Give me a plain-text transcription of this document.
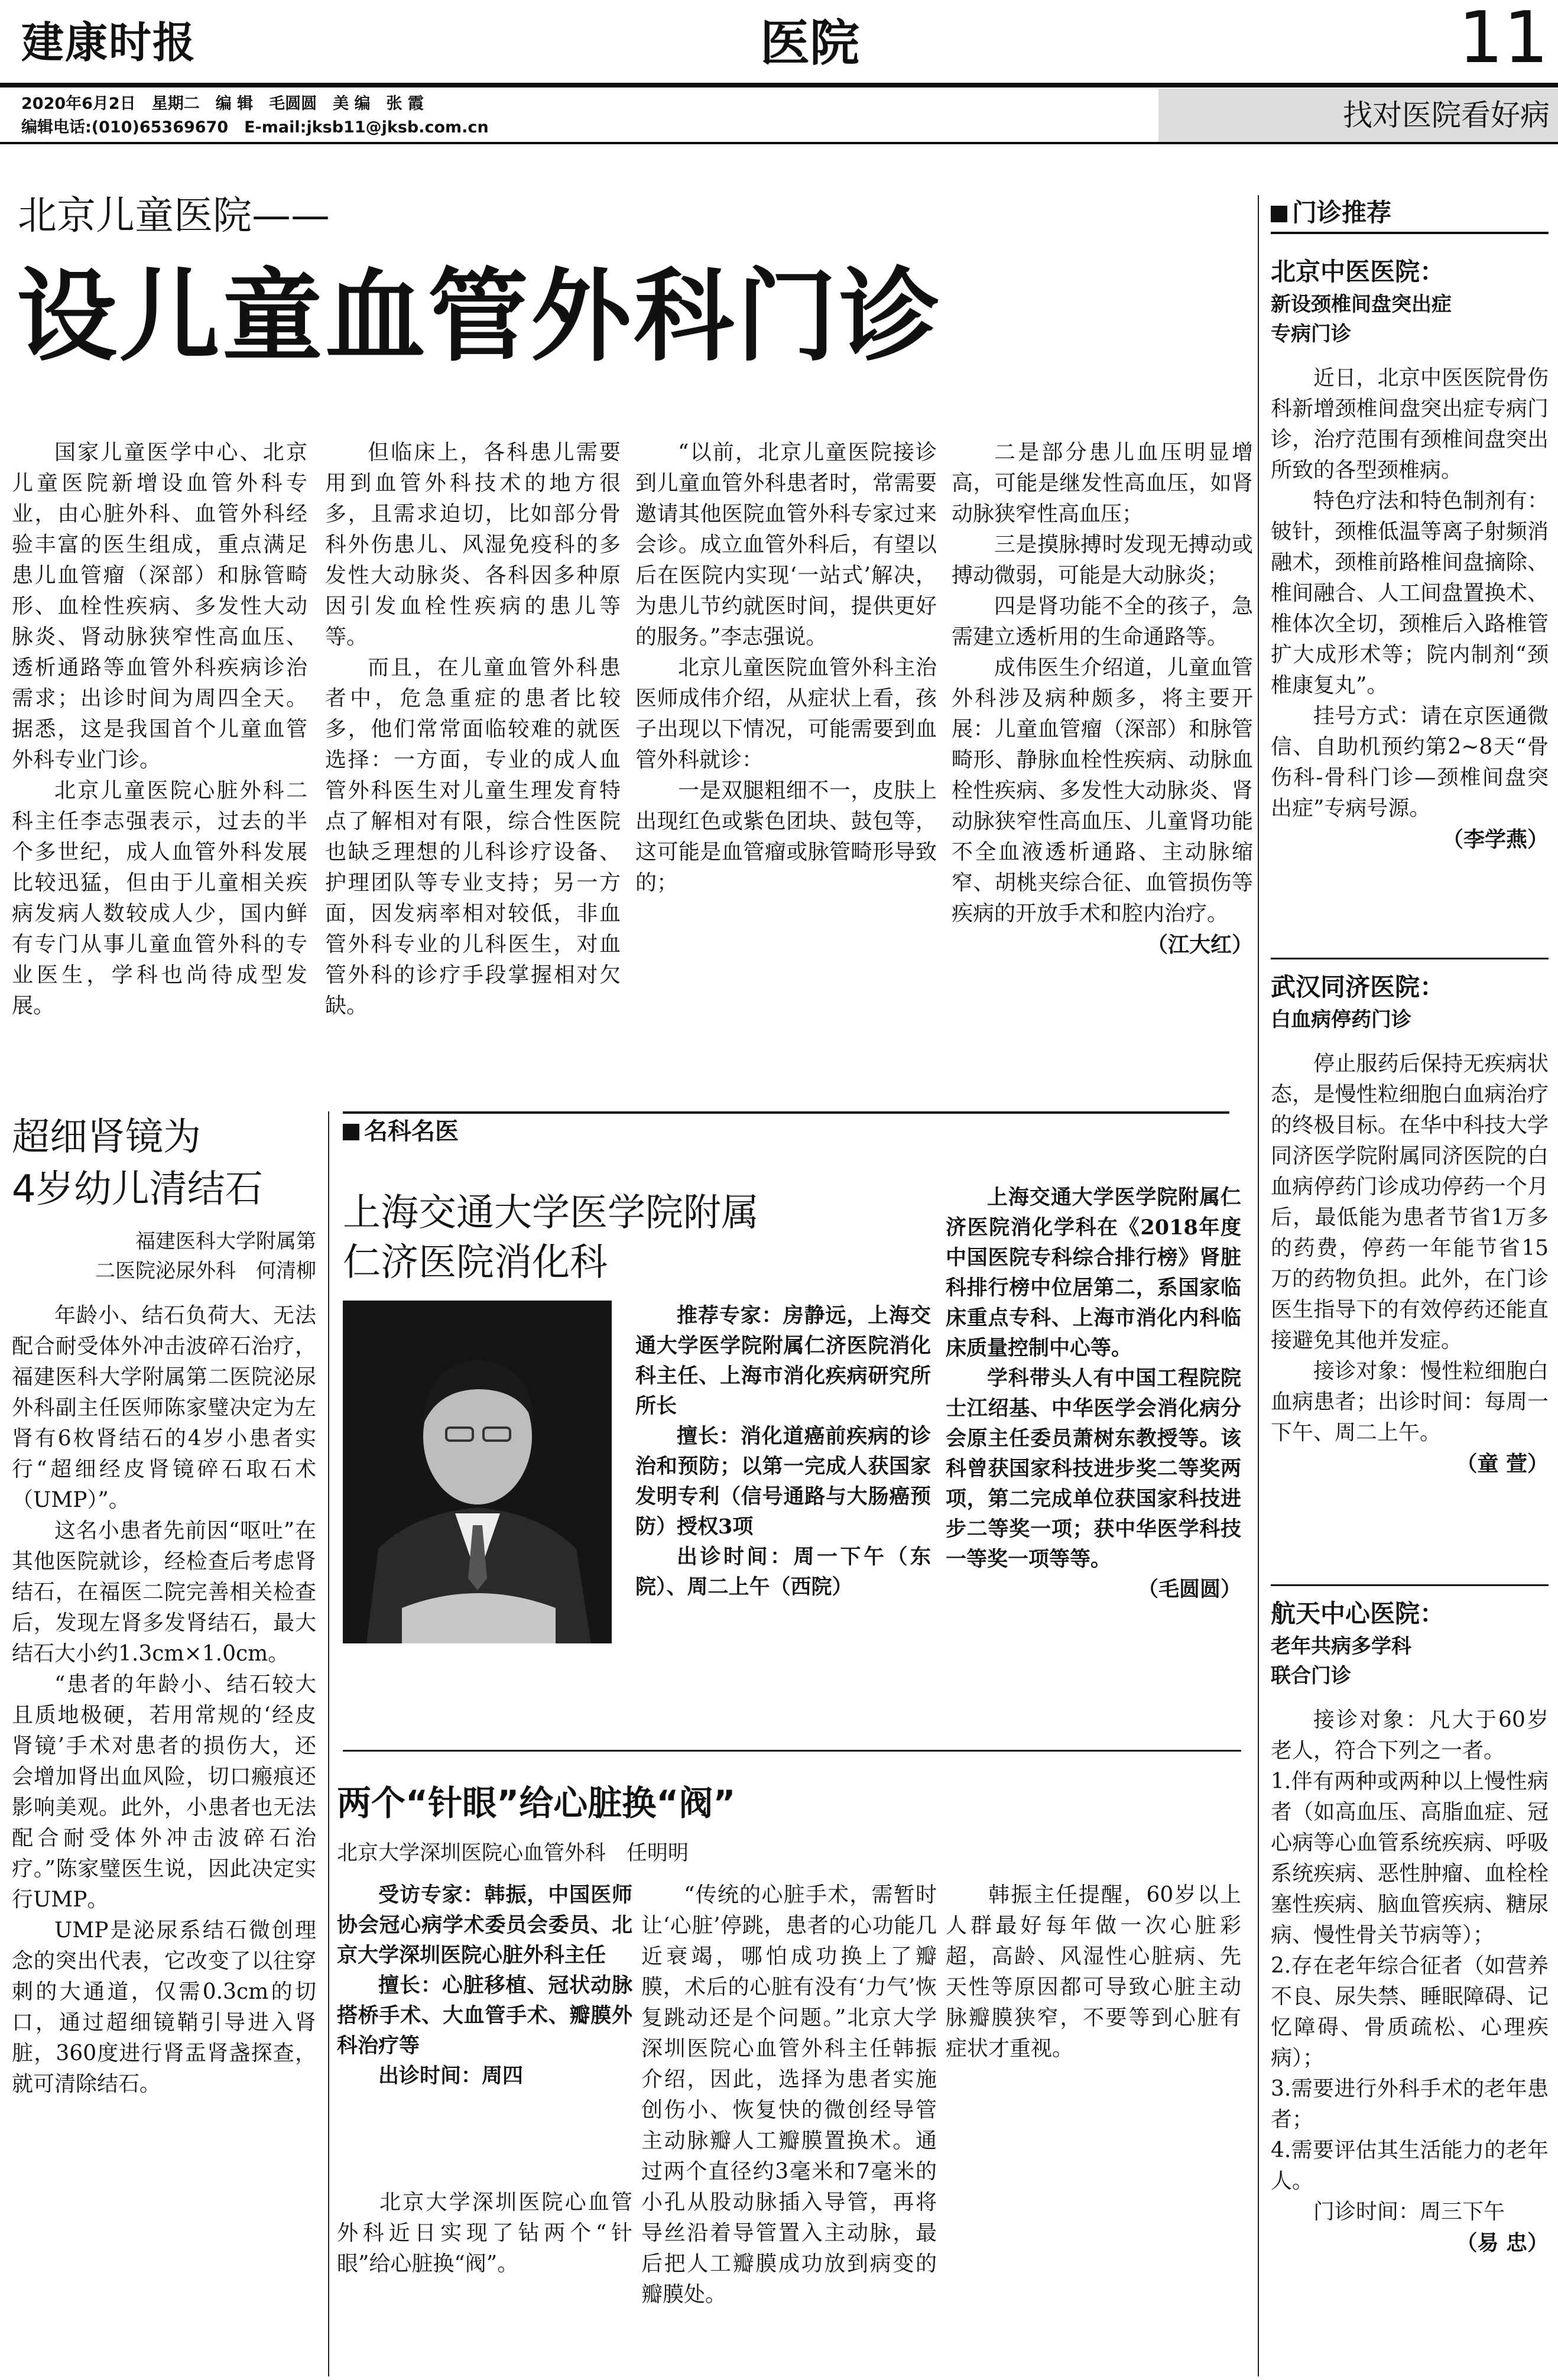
建康时报	医院	11
2020年6月2日　星期二　编 辑　毛圆圆　美 编　张 霞
编辑电话:(010)65369670　E-mail:jksb11@jksb.com.cn	找对医院看好病
北京儿童医院——
设儿童血管外科门诊

国家儿童医学中心、北京儿童医院新增设血管外科专业，由心脏外科、血管外科经验丰富的医生组成，重点满足患儿血管瘤（深部）和脉管畸形、血栓性疾病、多发性大动脉炎、肾动脉狭窄性高血压、透析通路等血管外科疾病诊治需求；出诊时间为周四全天。据悉，这是我国首个儿童血管外科专业门诊。

北京儿童医院心脏外科二科主任李志强表示，过去的半个多世纪，成人血管外科发展比较迅猛，但由于儿童相关疾病发病人数较成人少，国内鲜有专门从事儿童血管外科的专业医生，学科也尚待成型发展。

但临床上，各科患儿需要用到血管外科技术的地方很多，且需求迫切，比如部分骨科外伤患儿、风湿免疫科的多发性大动脉炎、各科因多种原因引发血栓性疾病的患儿等等。

而且，在儿童血管外科患者中，危急重症的患者比较多，他们常常面临较难的就医选择：一方面，专业的成人血管外科医生对儿童生理发育特点了解相对有限，综合性医院也缺乏理想的儿科诊疗设备、护理团队等专业支持；另一方面，因发病率相对较低，非血管外科专业的儿科医生，对血管外科的诊疗手段掌握相对欠缺。

“以前，北京儿童医院接诊到儿童血管外科患者时，常需要邀请其他医院血管外科专家过来会诊。成立血管外科后，有望以后在医院内实现‘一站式’解决，为患儿节约就医时间，提供更好的服务。”李志强说。

北京儿童医院血管外科主治医师成伟介绍，从症状上看，孩子出现以下情况，可能需要到血管外科就诊：

一是双腿粗细不一，皮肤上出现红色或紫色团块、鼓包等，这可能是血管瘤或脉管畸形导致的；

二是部分患儿血压明显增高，可能是继发性高血压，如肾动脉狭窄性高血压；

三是摸脉搏时发现无搏动或搏动微弱，可能是大动脉炎；

四是肾功能不全的孩子，急需建立透析用的生命通路等。

成伟医生介绍道，儿童血管外科涉及病种颇多，将主要开展：儿童血管瘤（深部）和脉管畸形、静脉血栓性疾病、动脉血栓性疾病、多发性大动脉炎、肾动脉狭窄性高血压、儿童肾功能不全血液透析通路、主动脉缩窄、胡桃夹综合征、血管损伤等疾病的开放手术和腔内治疗。

（江大红）
门诊推荐
北京中医医院：
新设颈椎间盘突出症
专病门诊

近日，北京中医医院骨伤科新增颈椎间盘突出症专病门诊，治疗范围有颈椎间盘突出所致的各型颈椎病。

特色疗法和特色制剂有：铍针，颈椎低温等离子射频消融术，颈椎前路椎间盘摘除、椎间融合、人工间盘置换术、椎体次全切，颈椎后入路椎管扩大成形术等；院内制剂“颈椎康复丸”。

挂号方式：请在京医通微信、自助机预约第2~8天“骨伤科-骨科门诊—颈椎间盘突出症”专病号源。

（李学燕）
武汉同济医院：
白血病停药门诊

停止服药后保持无疾病状态，是慢性粒细胞白血病治疗的终极目标。在华中科技大学同济医学院附属同济医院的白血病停药门诊成功停药一个月后，最低能为患者节省1万多的药费，停药一年能节省15万的药物负担。此外，在门诊医生指导下的有效停药还能直接避免其他并发症。

接诊对象：慢性粒细胞白血病患者；出诊时间：每周一下午、周二上午。

（童 萱）
航天中心医院：
老年共病多学科
联合门诊

接诊对象：凡大于60岁老人，符合下列之一者。

1.伴有两种或两种以上慢性病者（如高血压、高脂血症、冠心病等心血管系统疾病、呼吸系统疾病、恶性肿瘤、血栓栓塞性疾病、脑血管疾病、糖尿病、慢性骨关节病等）；

2.存在老年综合征者（如营养不良、尿失禁、睡眠障碍、记忆障碍、骨质疏松、心理疾病）；

3.需要进行外科手术的老年患者；

4.需要评估其生活能力的老年人。

门诊时间：周三下午

（易 忠）
超细肾镜为
4岁幼儿清结石
福建医科大学附属第
二医院泌尿外科　何清柳

年龄小、结石负荷大、无法配合耐受体外冲击波碎石治疗，福建医科大学附属第二医院泌尿外科副主任医师陈家璧决定为左肾有6枚肾结石的4岁小患者实行“超细经皮肾镜碎石取石术（UMP）”。

这名小患者先前因“呕吐”在其他医院就诊，经检查后考虑肾结石，在福医二院完善相关检查后，发现左肾多发肾结石，最大结石大小约1.3cm×1.0cm。

“患者的年龄小、结石较大且质地极硬，若用常规的‘经皮肾镜’手术对患者的损伤大，还会增加肾出血风险，切口瘢痕还影响美观。此外，小患者也无法配合耐受体外冲击波碎石治疗。”陈家璧医生说，因此决定实行UMP。

UMP是泌尿系结石微创理念的突出代表，它改变了以往穿刺的大通道，仅需0.3cm的切口，通过超细镜鞘引导进入肾脏，360度进行肾盂肾盏探查，就可清除结石。

名科名医
上海交通大学医学院附属
仁济医院消化科

推荐专家：房静远，上海交通大学医学院附属仁济医院消化科主任、上海市消化疾病研究所所长

擅长：消化道癌前疾病的诊治和预防；以第一完成人获国家发明专利（信号通路与大肠癌预防）授权3项

出诊时间：周一下午（东院）、周二上午（西院）

上海交通大学医学院附属仁济医院消化学科在《2018年度中国医院专科综合排行榜》肾脏科排行榜中位居第二，系国家临床重点专科、上海市消化内科临床质量控制中心等。

学科带头人有中国工程院院士江绍基、中华医学会消化病分会原主任委员萧树东教授等。该科曾获国家科技进步奖二等奖两项，第二完成单位获国家科技进步二等奖一项；获中华医学科技一等奖一项等等。

（毛圆圆）
两个“针眼”给心脏换“阀”
北京大学深圳医院心血管外科　任明明

受访专家：韩振，中国医师协会冠心病学术委员会委员、北京大学深圳医院心脏外科主任

擅长：心脏移植、冠状动脉搭桥手术、大血管手术、瓣膜外科治疗等

出诊时间：周四

北京大学深圳医院心血管外科近日实现了钻两个“针眼”给心脏换“阀”。

“传统的心脏手术，需暂时让‘心脏’停跳，患者的心功能几近衰竭，哪怕成功换上了瓣膜，术后的心脏有没有‘力气’恢复跳动还是个问题。”北京大学深圳医院心血管外科主任韩振介绍，因此，选择为患者实施创伤小、恢复快的微创经导管主动脉瓣人工瓣膜置换术。通过两个直径约3毫米和7毫米的小孔从股动脉插入导管，再将导丝沿着导管置入主动脉，最后把人工瓣膜成功放到病变的瓣膜处。

韩振主任提醒，60岁以上人群最好每年做一次心脏彩超，高龄、风湿性心脏病、先天性等原因都可导致心脏主动脉瓣膜狭窄，不要等到心脏有症状才重视。
